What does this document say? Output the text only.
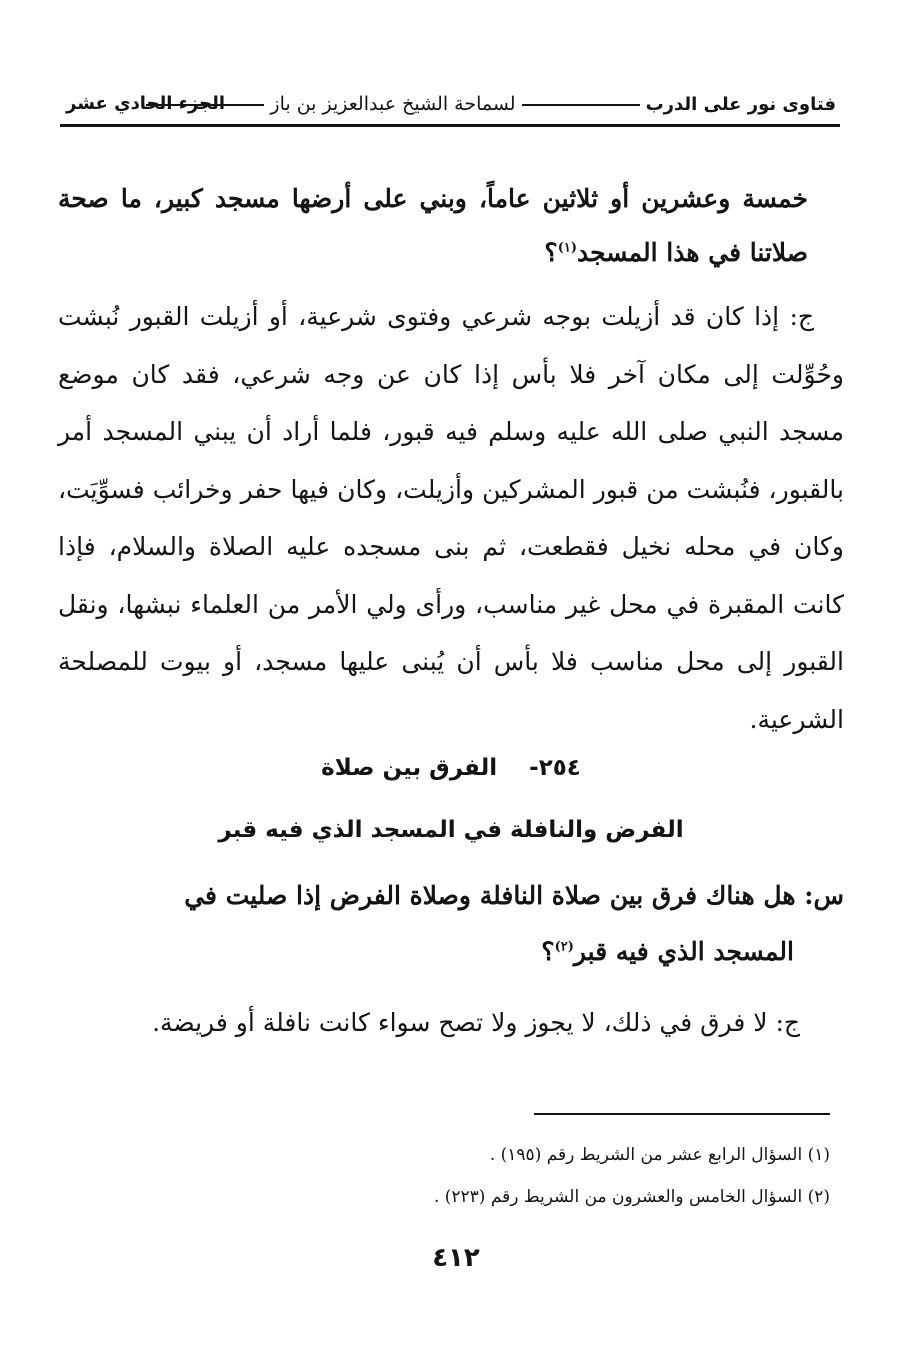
فتاوى نور على الدربلسماحة الشيخ عبدالعزيز بن باز
الجزء الحادي عشر
خمسة وعشرين أو ثلاثين عاماً، وبني على أرضها مسجد كبير، ما صحة صلاتنا في هذا المسجد$^{(١)}$؟
ج: إذا كان قد أزيلت بوجه شرعي وفتوى شرعية، أو أزيلت القبور نُبشت وحُوِّلت إلى مكان آخر فلا بأس إذا كان عن وجه شرعي، فقد كان موضع مسجد النبي صلى الله عليه وسلم فيه قبور، فلما أراد أن يبني المسجد أمر بالقبور، فنُبشت من قبور المشركين وأزيلت، وكان فيها حفر وخرائب فسوِّيَت، وكان في محله نخيل فقطعت، ثم بنى مسجده عليه الصلاة والسلام، فإذا كانت المقبرة في محل غير مناسب، ورأى ولي الأمر من العلماء نبشها، ونقل القبور إلى محل مناسب فلا بأس أن يُبنى عليها مسجد، أو بيوت للمصلحة الشرعية.
٢٥٤-    الفرق بين صلاة
الفرض والنافلة في المسجد الذي فيه قبر
س: هل هناك فرق بين صلاة النافلة وصلاة الفرض إذا صليت في
المسجد الذي فيه قبر$^{(٢)}$؟
ج: لا فرق في ذلك، لا يجوز ولا تصح سواء كانت نافلة أو فريضة.
(١) السؤال الرابع عشر من الشريط رقم (١٩٥) .
(٢) السؤال الخامس والعشرون من الشريط رقم (٢٢٣) .
٤١٢
